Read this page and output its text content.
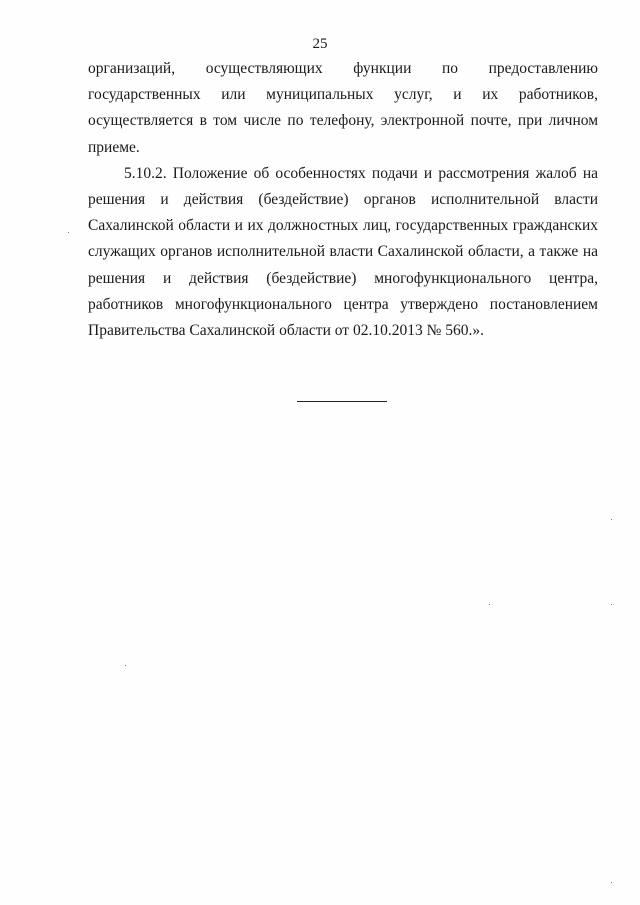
25

организаций, осуществляющих функции по предоставлению
государственных или муниципальных услуг, и их работников,
осуществляется в том числе по телефону, электронной почте, при личном
приеме.

5.10.2. Положение об особенностях подачи и рассмотрения жалоб на
решения и действия (бездействие) органов исполнительной власти
Сахалинской области и их должностных лиц, государственных гражданских
служащих органов исполнительной власти Сахалинской области, а также на
решения и действия (бездействие) многофункционального центра,
работников многофункционального центра утверждено постановлением
Правительства Сахалинской области от 02.10.2013 № 560.».
